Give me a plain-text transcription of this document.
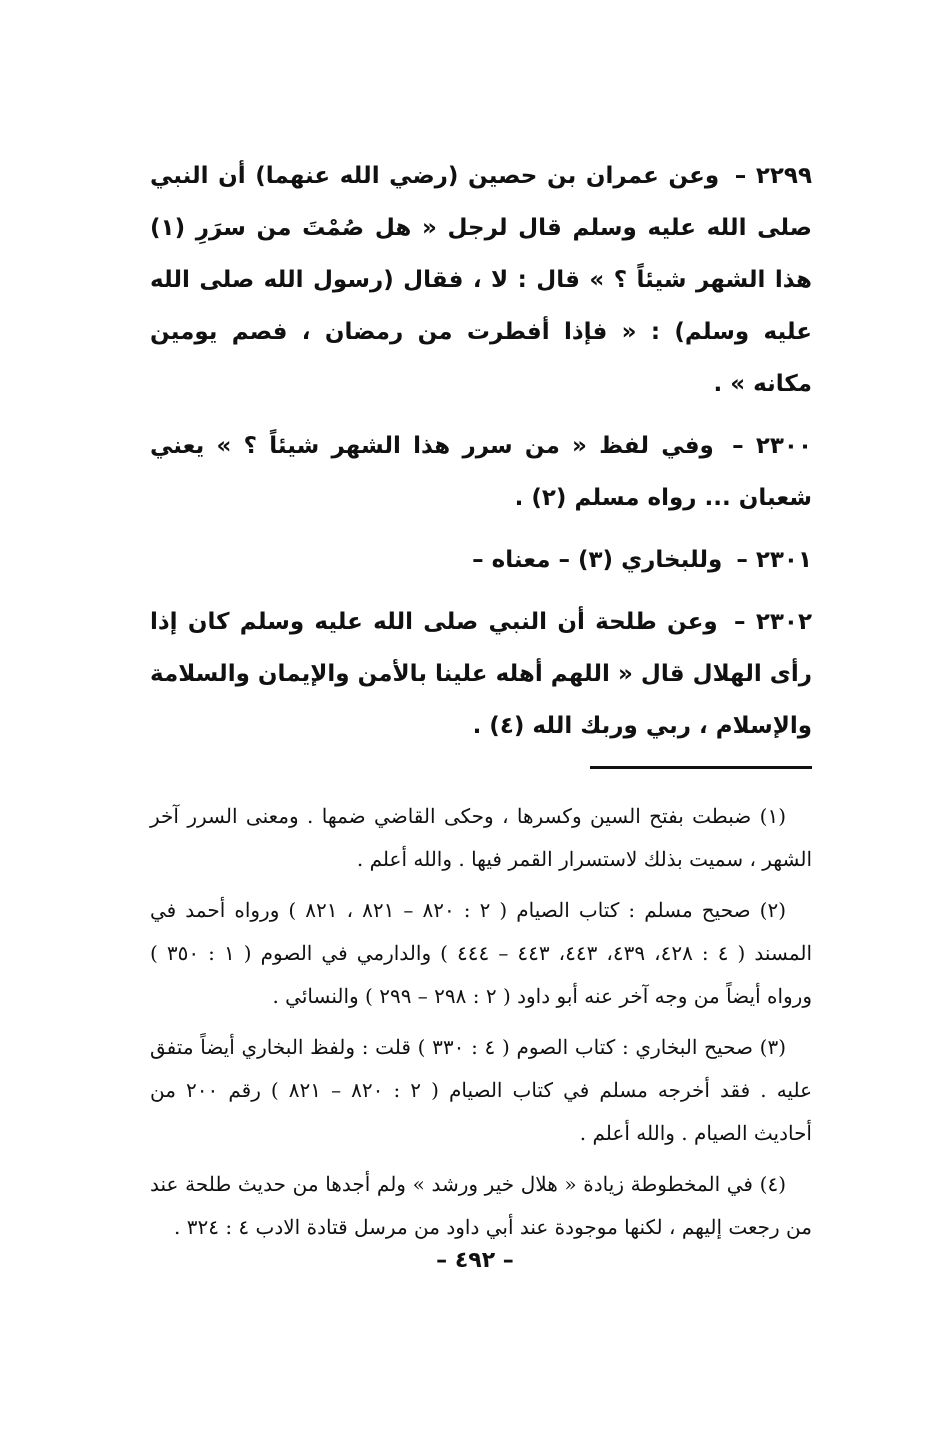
٢٢٩٩ – وعن عمران بن حصين (رضي الله عنهما) أن النبي صلى الله عليه وسلم قال لرجل « هل صُمْتَ من سرَرِ (١) هذا الشهر شيئاً ؟ » قال : لا ، فقال (رسول الله صلى الله عليه وسلم) : « فإذا أفطرت من رمضان ، فصم يومين مكانه » .

٢٣٠٠ – وفي لفظ « من سرر هذا الشهر شيئاً ؟ » يعني شعبان ... رواه مسلم (٢) .

٢٣٠١ – وللبخاري (٣) – معناه –

٢٣٠٢ – وعن طلحة أن النبي صلى الله عليه وسلم كان إذا رأى الهلال قال « اللهم أهله علينا بالأمن والإيمان والسلامة والإسلام ، ربي وربك الله (٤) .

(١) ضبطت بفتح السين وكسرها ، وحكى القاضي ضمها . ومعنى السرر آخر الشهر ، سميت بذلك لاستسرار القمر فيها . والله أعلم .

(٢) صحيح مسلم : كتاب الصيام ( ٢ : ٨٢٠ – ٨٢١ ، ٨٢١ ) ورواه أحمد في المسند ( ٤ : ٤٢٨، ٤٣٩، ٤٤٣، ٤٤٣ – ٤٤٤ ) والدارمي في الصوم ( ١ : ٣٥٠ ) ورواه أيضاً من وجه آخر عنه أبو داود ( ٢ : ٢٩٨ – ٢٩٩ ) والنسائي .

(٣) صحيح البخاري : كتاب الصوم ( ٤ : ٣٣٠ ) قلت : ولفظ البخاري أيضاً متفق عليه . فقد أخرجه مسلم في كتاب الصيام ( ٢ : ٨٢٠ – ٨٢١ ) رقم ٢٠٠ من أحاديث الصيام . والله أعلم .

(٤) في المخطوطة زيادة « هلال خير ورشد » ولم أجدها من حديث طلحة عند من رجعت إليهم ، لكنها موجودة عند أبي داود من مرسل قتادة الادب ٤ : ٣٢٤ .

– ٤٩٢ –
